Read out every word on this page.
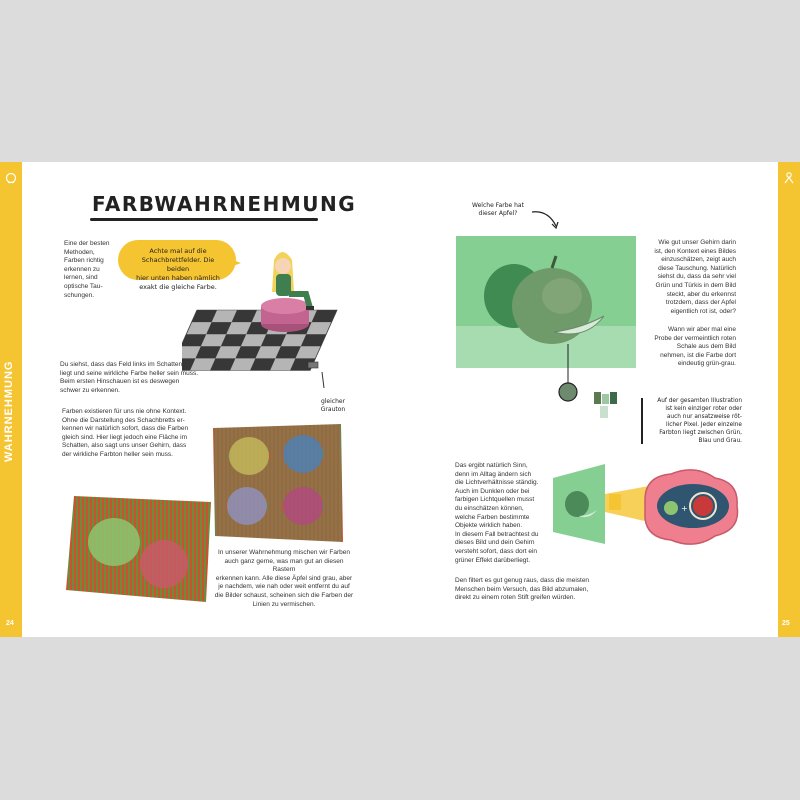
WAHRNEHMUNG
24	25
FARBWAHRNEHMUNG
Eine der besten
Methoden,
Farben richtig
erkennen zu
lernen, sind
optische Tau-
schungen.
Achte mal auf die
Schachbrettfelder. Die beiden
hier unten haben nämlich
exakt die gleiche Farbe.
gleicher
Grauton
Du siehst, dass das Feld links im Schatten
liegt und seine wirkliche Farbe heller sein muss.
Beim ersten Hinschauen ist es deswegen
schwer zu erkennen.
Farben existieren für uns nie ohne Kontext.
Ohne die Darstellung des Schachbretts er-
kennen wir natürlich sofort, dass die Farben
gleich sind. Hier liegt jedoch eine Fläche im
Schatten, also sagt uns unser Gehirn, dass
der wirkliche Farbton heller sein muss.
In unserer Wahrnehmung mischen wir Farben
auch ganz gerne, was man gut an diesen Rastern
erkennen kann. Alle diese Äpfel sind grau, aber
je nachdem, wie nah oder weit entfernt du auf
die Bilder schaust, scheinen sich die Farben der
Linien zu vermischen.
Welche Farbe hat
dieser Apfel?
Wie gut unser Gehirn darin
ist, den Kontext eines Bildes
einzuschätzen, zeigt auch
diese Tauschung. Natürlich
siehst du, dass da sehr viel
Grün und Türkis in dem Bild
steckt, aber du erkennst
trotzdem, dass der Apfel
eigentlich rot ist, oder?
Wann wir aber mal eine
Probe der vermeintlich roten
Schale aus dem Bild
nehmen, ist die Farbe dort
eindeutig grün-grau.
Auf der gesamten Illustration
ist kein einziger roter oder
auch nur ansatzweise röt-
licher Pixel. Jeder einzelne
Farbton liegt zwischen Grün,
Blau und Grau.
Das ergibt natürlich Sinn,
denn im Alltag ändern sich
die Lichtverhältnisse ständig.
Auch im Dunklen oder bei
farbigen Lichtquellen musst
du einschätzen können,
welche Farben bestimmte
Objekte wirklich haben.
In diesem Fall betrachtest du
dieses Bild und dein Gehirn
versteht sofort, dass dort ein
grüner Effekt darüberliegt.
+
Den filtert es gut genug raus, dass die meisten
Menschen beim Versuch, das Bild abzumalen,
direkt zu einem roten Stift greifen würden.
